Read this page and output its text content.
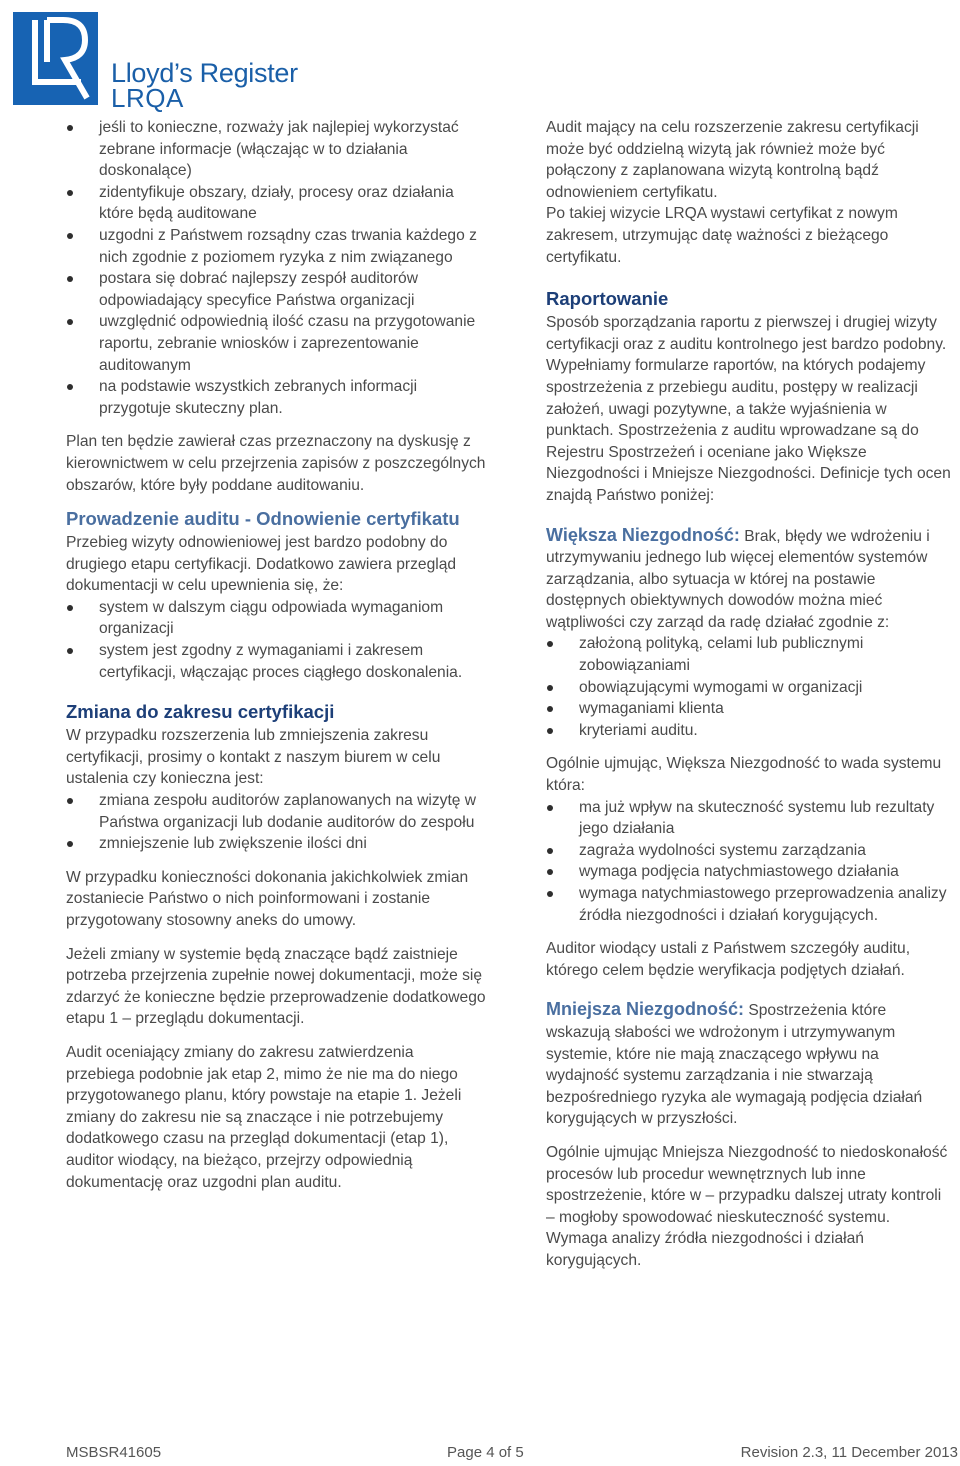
Lloyd’s Register
LRQA
jeśli to konieczne, rozważy jak najlepiej wykorzystać zebrane informacje (włączając w to działania doskonalące)
zidentyfikuje obszary, działy, procesy oraz działania które będą auditowane
uzgodni z Państwem rozsądny czas trwania każdego z nich zgodnie z poziomem ryzyka z nim związanego
postara się dobrać najlepszy zespół auditorów odpowiadający specyfice Państwa organizacji
uwzględnić odpowiednią ilość czasu na przygotowanie raportu, zebranie wniosków i zaprezentowanie auditowanym
na podstawie wszystkich zebranych informacji przygotuje skuteczny plan.

Plan ten będzie zawierał czas przeznaczony na dyskusję z kierownictwem w celu przejrzenia zapisów z poszczególnych obszarów, które były poddane auditowaniu.

Prowadzenie auditu - Odnowienie certyfikatu

Przebieg wizyty odnowieniowej jest bardzo podobny do drugiego etapu certyfikacji. Dodatkowo zawiera przegląd dokumentacji w celu upewnienia się, że:

system w dalszym ciągu odpowiada wymaganiom organizacji
system jest zgodny z wymaganiami i zakresem certyfikacji, włączając proces ciągłego doskonalenia.
Zmiana do zakresu certyfikacji

W przypadku rozszerzenia lub zmniejszenia zakresu certyfikacji, prosimy o kontakt z naszym biurem w celu ustalenia czy konieczna jest:

zmiana zespołu auditorów zaplanowanych na wizytę w Państwa organizacji lub dodanie auditorów do zespołu
zmniejszenie lub zwiększenie ilości dni

W przypadku konieczności dokonania jakichkolwiek zmian zostaniecie Państwo o nich poinformowani i zostanie przygotowany stosowny aneks do umowy.

Jeżeli zmiany w systemie będą znaczące bądź zaistnieje potrzeba przejrzenia zupełnie nowej dokumentacji, może się zdarzyć że konieczne będzie przeprowadzenie dodatkowego etapu 1 – przeglądu dokumentacji.

Audit oceniający zmiany do zakresu zatwierdzenia przebiega podobnie jak etap 2, mimo że nie ma do niego przygotowanego planu, który powstaje na etapie 1. Jeżeli zmiany do zakresu nie są znaczące i nie potrzebujemy dodatkowego czasu na przegląd dokumentacji (etap 1), auditor wiodący, na bieżąco, przejrzy odpowiednią dokumentację oraz uzgodni plan auditu.

Audit mający na celu rozszerzenie zakresu certyfikacji może być oddzielną wizytą jak również może być połączony z zaplanowana wizytą kontrolną bądź odnowieniem certyfikatu.

Po takiej wizycie LRQA wystawi certyfikat z nowym zakresem, utrzymując datę ważności z bieżącego certyfikatu.

Raportowanie

Sposób sporządzania raportu z pierwszej i drugiej wizyty certyfikacji oraz z auditu kontrolnego jest bardzo podobny. Wypełniamy formularze raportów, na których podajemy spostrzeżenia z przebiegu auditu, postępy w realizacji założeń, uwagi pozytywne, a także wyjaśnienia w punktach. Spostrzeżenia z auditu wprowadzane są do Rejestru Spostrzeżeń i oceniane jako Większe Niezgodności i Mniejsze Niezgodności. Definicje tych ocen znajdą Państwo poniżej:

Większa Niezgodność: Brak, błędy we wdrożeniu i utrzymywaniu jednego lub więcej elementów systemów zarządzania, albo sytuacja w której na postawie dostępnych obiektywnych dowodów można mieć wątpliwości czy zarząd da radę działać zgodnie z:

założoną polityką, celami lub publicznymi zobowiązaniami
obowiązującymi wymogami w organizacji
wymaganiami klienta
kryteriami auditu.

Ogólnie ujmując, Większa Niezgodność to wada systemu która:

ma już wpływ na skuteczność systemu lub rezultaty jego działania
zagraża wydolności systemu zarządzania
wymaga podjęcia natychmiastowego działania
wymaga natychmiastowego przeprowadzenia analizy źródła niezgodności i działań korygujących.

Auditor wiodący ustali z Państwem szczegóły auditu, którego celem będzie weryfikacja podjętych działań.

Mniejsza Niezgodność: Spostrzeżenia które wskazują słabości we wdrożonym i utrzymywanym systemie, które nie mają znaczącego wpływu na wydajność systemu zarządzania i nie stwarzają bezpośredniego ryzyka ale wymagają podjęcia działań korygujących w przyszłości.

Ogólnie ujmując Mniejsza Niezgodność to niedoskonałość procesów lub procedur wewnętrznych lub inne spostrzeżenie, które w – przypadku dalszej utraty kontroli – mogłoby spowodować nieskuteczność systemu. Wymaga analizy źródła niezgodności i działań korygujących.

MSBSR41605	Page 4 of 5	Revision 2.3, 11 December 2013
